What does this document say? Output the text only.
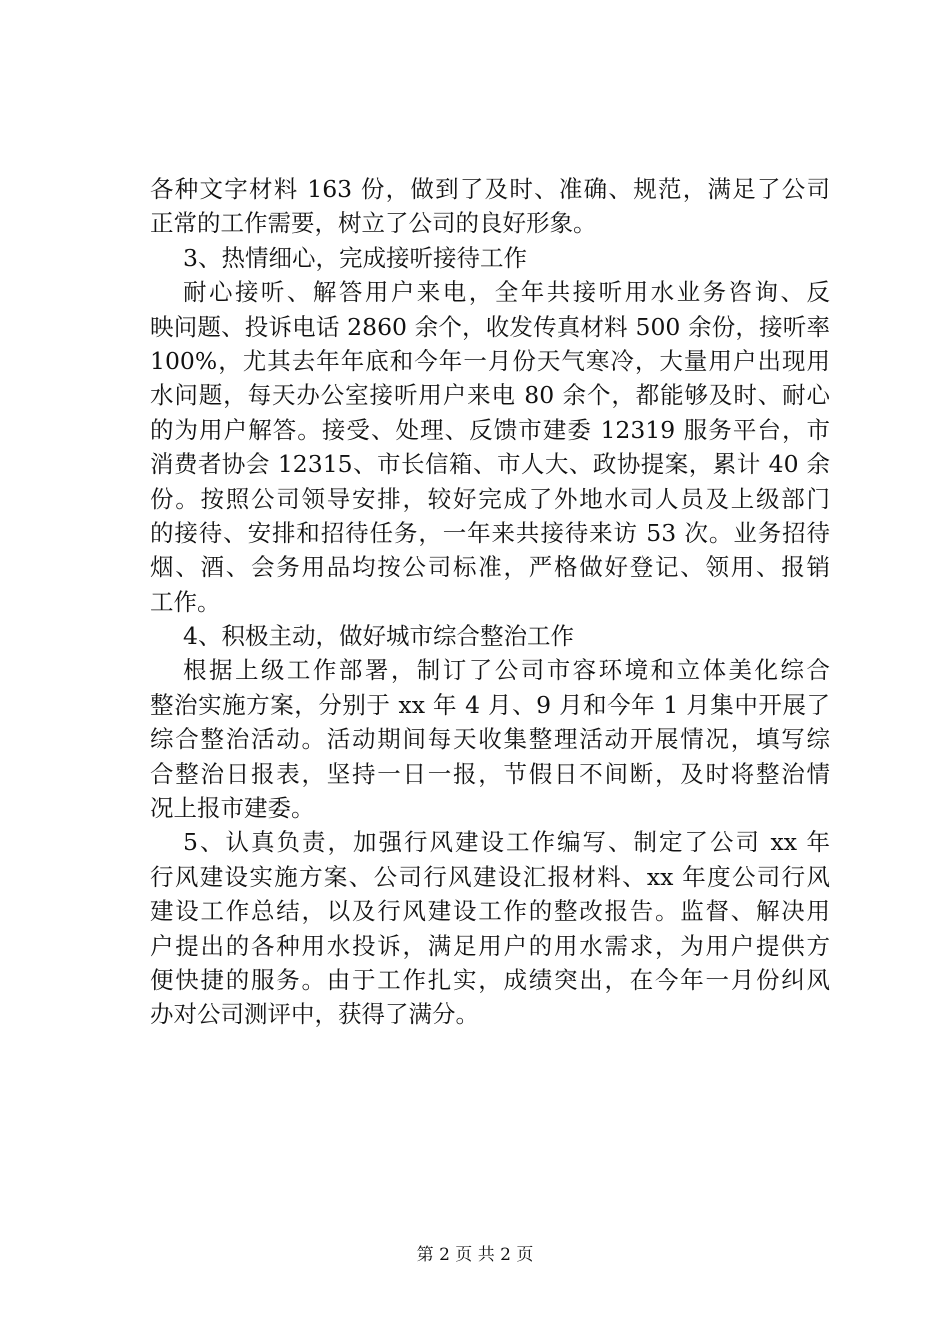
各种文字材料 163 份，做到了及时、准确、规范，满足了公司
正常的工作需要，树立了公司的良好形象。
3、热情细心，完成接听接待工作
耐心接听、解答用户来电，全年共接听用水业务咨询、反
映问题、投诉电话 2860 余个，收发传真材料 500 余份，接听率
100%，尤其去年年底和今年一月份天气寒冷，大量用户出现用
水问题，每天办公室接听用户来电 80 余个，都能够及时、耐心
的为用户解答。接受、处理、反馈市建委 12319 服务平台，市
消费者协会 12315、市长信箱、市人大、政协提案，累计 40 余
份。按照公司领导安排，较好完成了外地水司人员及上级部门
的接待、安排和招待任务，一年来共接待来访 53 次。业务招待
烟、酒、会务用品均按公司标准，严格做好登记、领用、报销
工作。
4、积极主动，做好城市综合整治工作
根据上级工作部署，制订了公司市容环境和立体美化综合
整治实施方案，分别于 xx 年 4 月、9 月和今年 1 月集中开展了
综合整治活动。活动期间每天收集整理活动开展情况，填写综
合整治日报表，坚持一日一报，节假日不间断，及时将整治情
况上报市建委。
5、认真负责，加强行风建设工作编写、制定了公司 xx 年
行风建设实施方案、公司行风建设汇报材料、xx 年度公司行风
建设工作总结，以及行风建设工作的整改报告。监督、解决用
户提出的各种用水投诉，满足用户的用水需求，为用户提供方
便快捷的服务。由于工作扎实，成绩突出，在今年一月份纠风
办对公司测评中，获得了满分。
第 2 页 共 2 页
